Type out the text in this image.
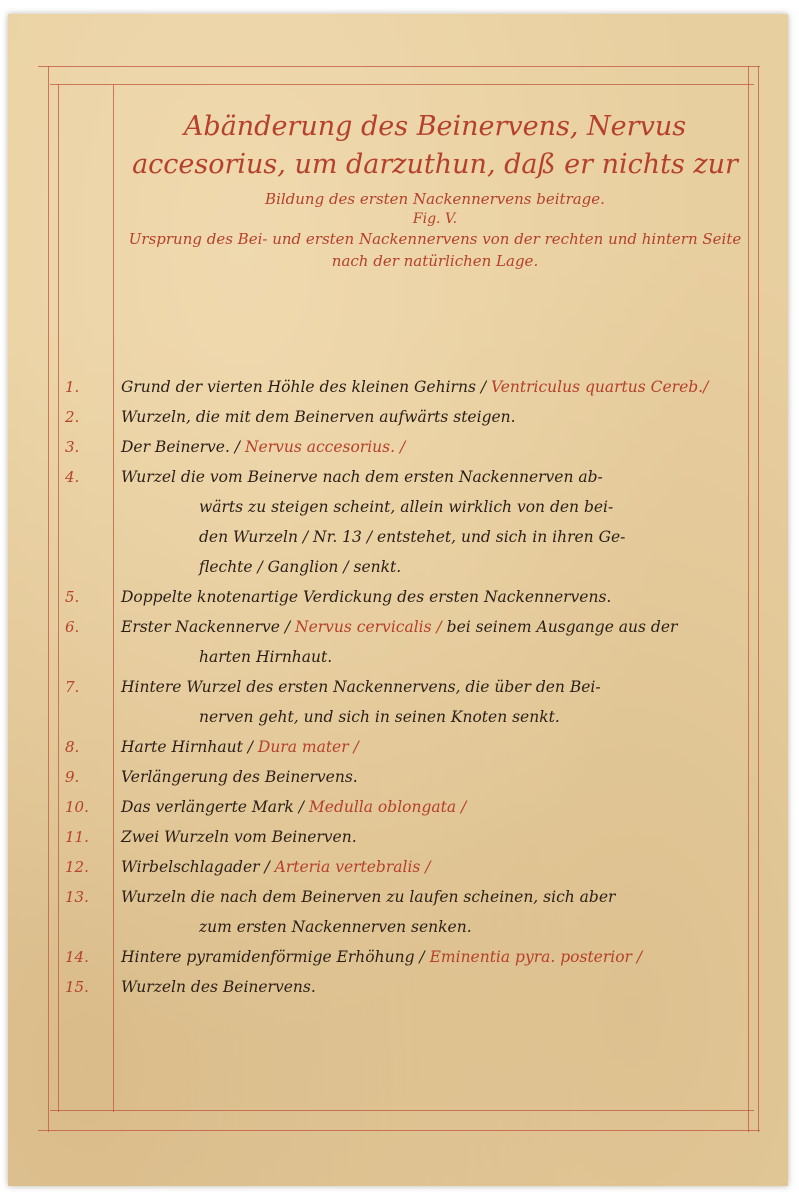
Abänderung des Beinervens, Nervus accesorius, um darzuthun, daß er nichts zur

Bildung des ersten Nackennervens beitrage.

Fig. V.

Ursprung des Bei- und ersten Nackennervens von der rechten und hintern Seite nach der natürlichen Lage.

1.	Grund der vierten Höhle des kleinen Gehirns / Ventriculus quartus Cereb./
2.	Wurzeln, die mit dem Beinerven aufwärts steigen.
3.	Der Beinerve. / Nervus accesorius. /
4.	Wurzel die vom Beinerve nach dem ersten Nackennerven ab-
wärts zu steigen scheint, allein wirklich von den bei-
den Wurzeln / Nr. 13 / entstehet, und sich in ihren Ge-
flechte / Ganglion / senkt.
5.	Doppelte knotenartige Verdickung des ersten Nackennervens.
6.	Erster Nackennerve / Nervus cervicalis / bei seinem Ausgange aus der
harten Hirnhaut.
7.	Hintere Wurzel des ersten Nackennervens, die über den Bei-
nerven geht, und sich in seinen Knoten senkt.
8.	Harte Hirnhaut / Dura mater /
9.	Verlängerung des Beinervens.
10.	Das verlängerte Mark / Medulla oblongata /
11.	Zwei Wurzeln vom Beinerven.
12.	Wirbelschlagader / Arteria vertebralis /
13.	Wurzeln die nach dem Beinerven zu laufen scheinen, sich aber
zum ersten Nackennerven senken.
14.	Hintere pyramidenförmige Erhöhung / Eminentia pyra. posterior /
15.	Wurzeln des Beinervens.
